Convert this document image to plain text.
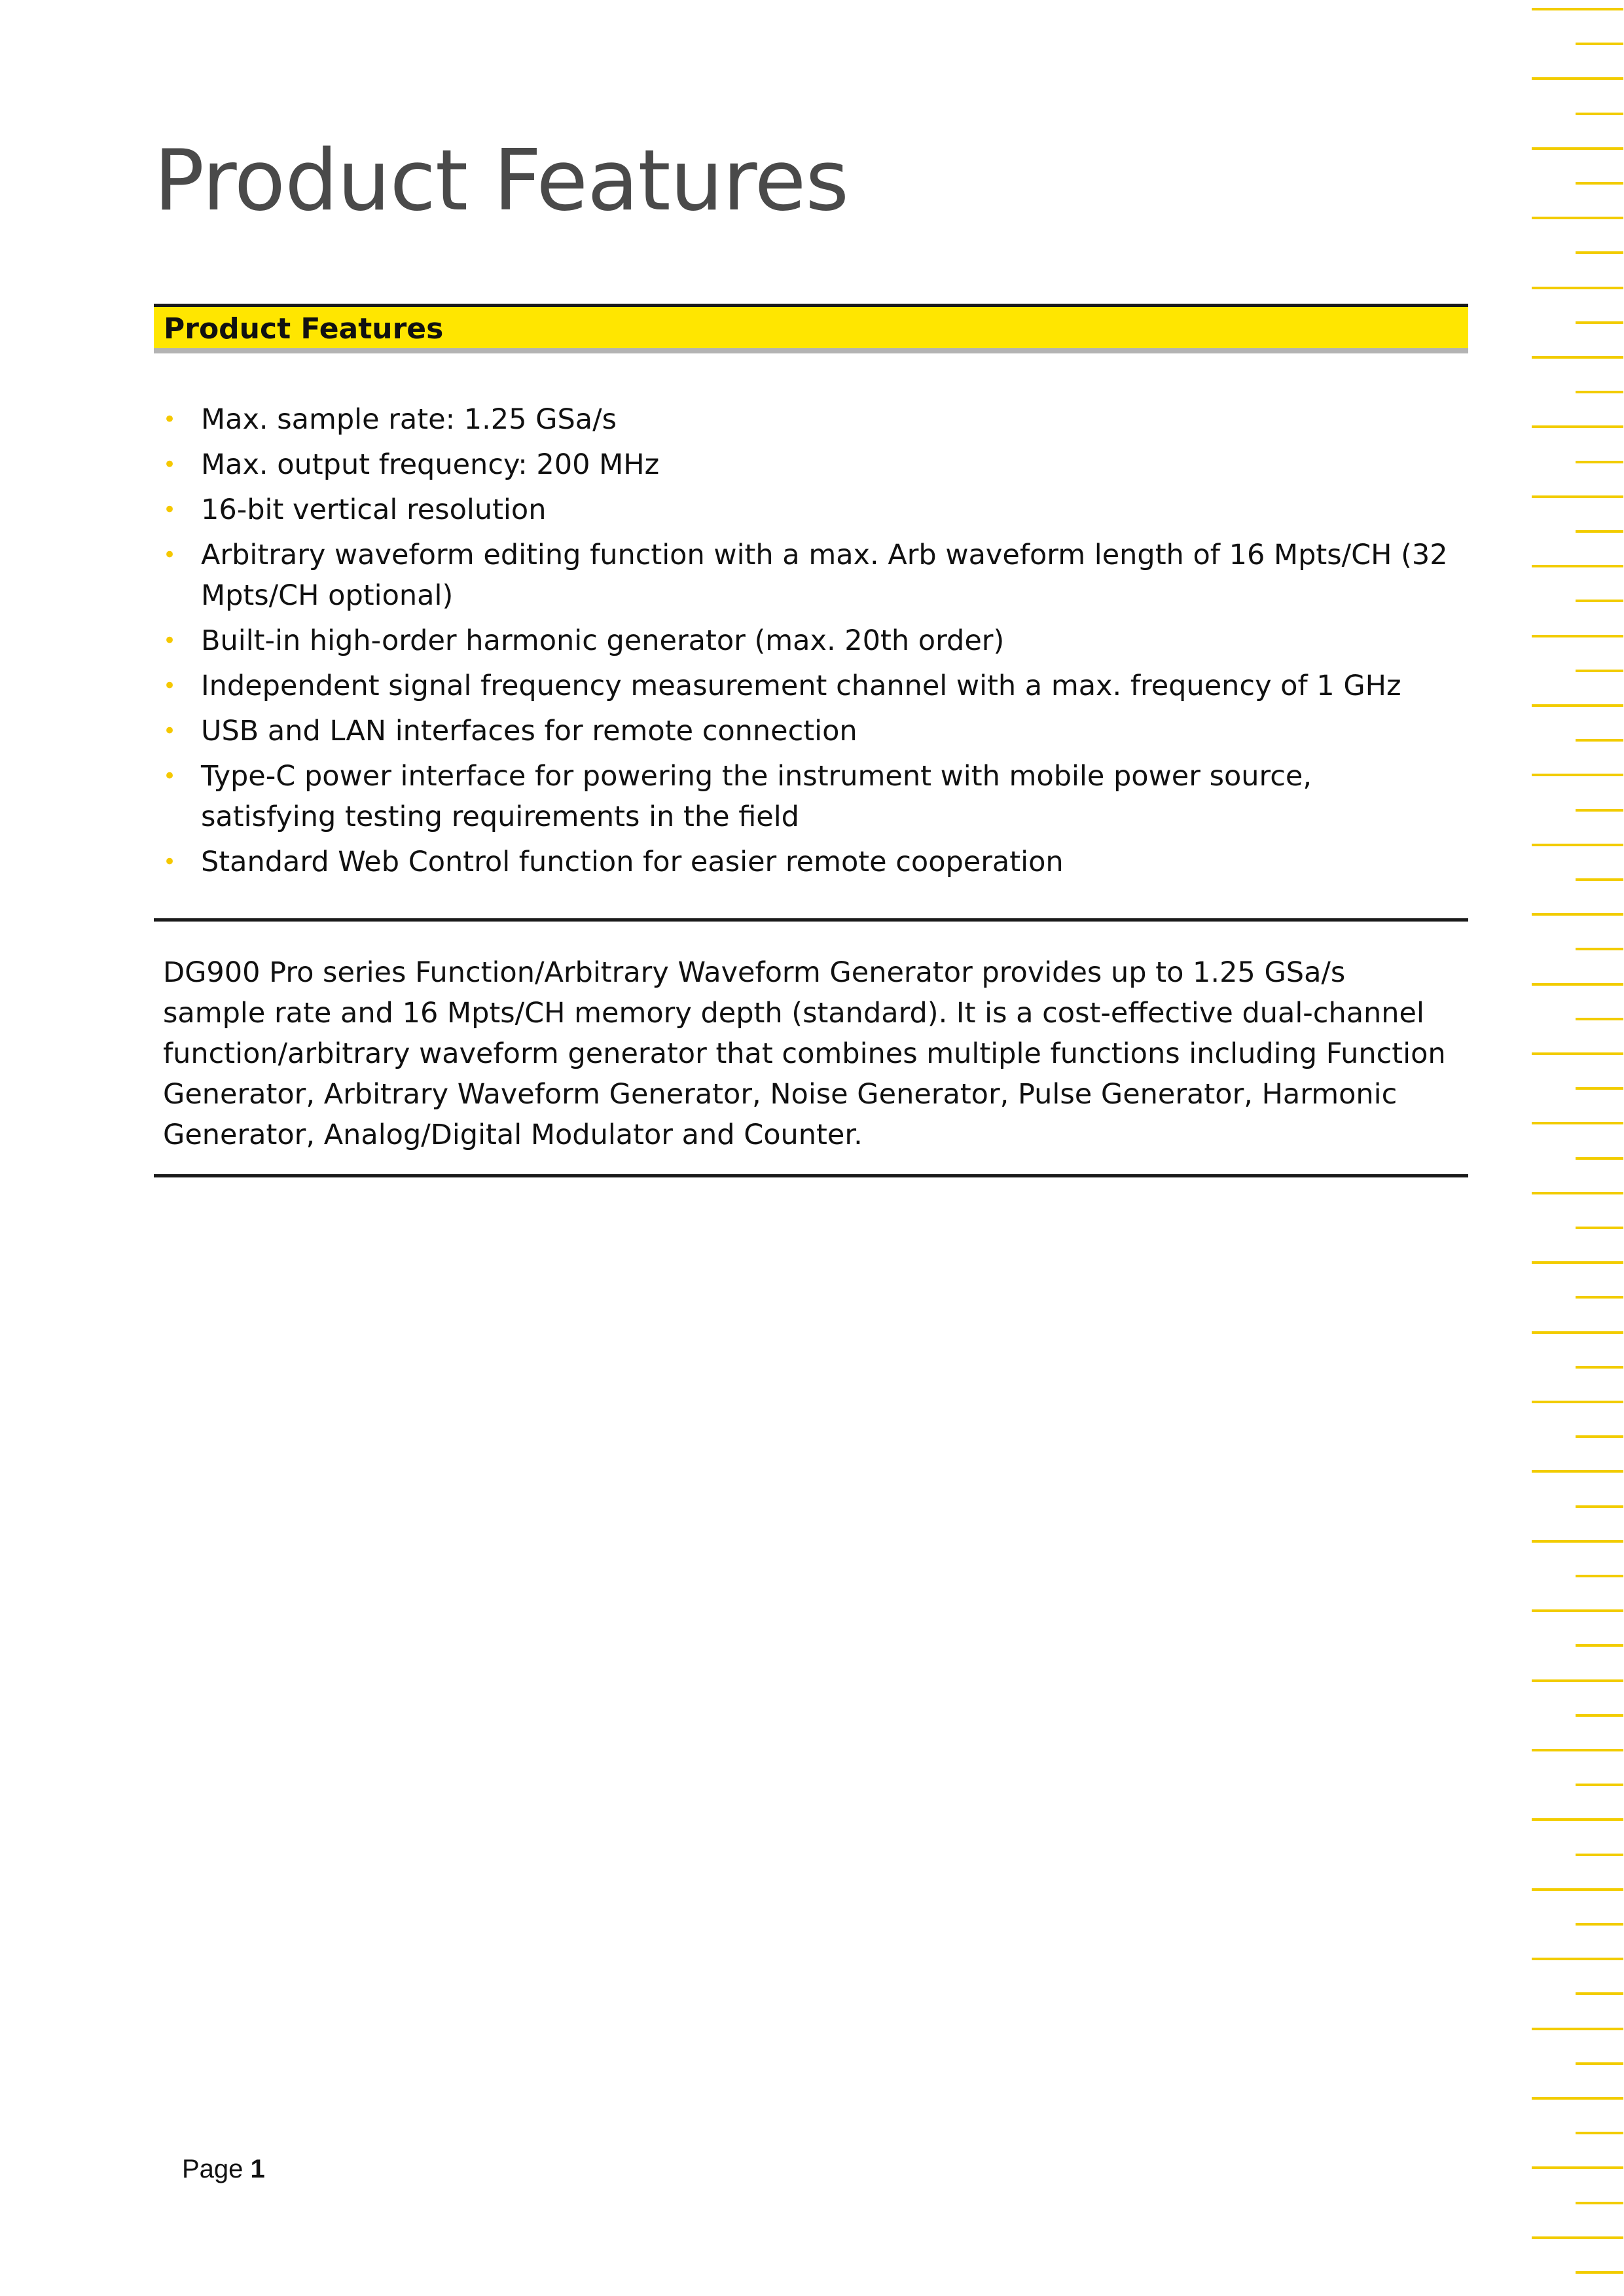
Product Features
Product Features
• Max. sample rate: 1.25 GSa/s
• Max. output frequency: 200 MHz
• 16-bit vertical resolution
• Arbitrary waveform editing function with a max. Arb waveform length of 16 Mpts/CH (32 Mpts/CH optional)
• Built-in high-order harmonic generator (max. 20th order)
• Independent signal frequency measurement channel with a max. frequency of 1 GHz
• USB and LAN interfaces for remote connection
• Type-C power interface for powering the instrument with mobile power source, satisfying testing requirements in the field
• Standard Web Control function for easier remote cooperation

DG900 Pro series Function/Arbitrary Waveform Generator provides up to 1.25 GSa/s sample rate and 16 Mpts/CH memory depth (standard). It is a cost-effective dual-channel function/arbitrary waveform generator that combines multiple functions including Function Generator, Arbitrary Waveform Generator, Noise Generator, Pulse Generator, Harmonic Generator, Analog/Digital Modulator and Counter.

Page 1
